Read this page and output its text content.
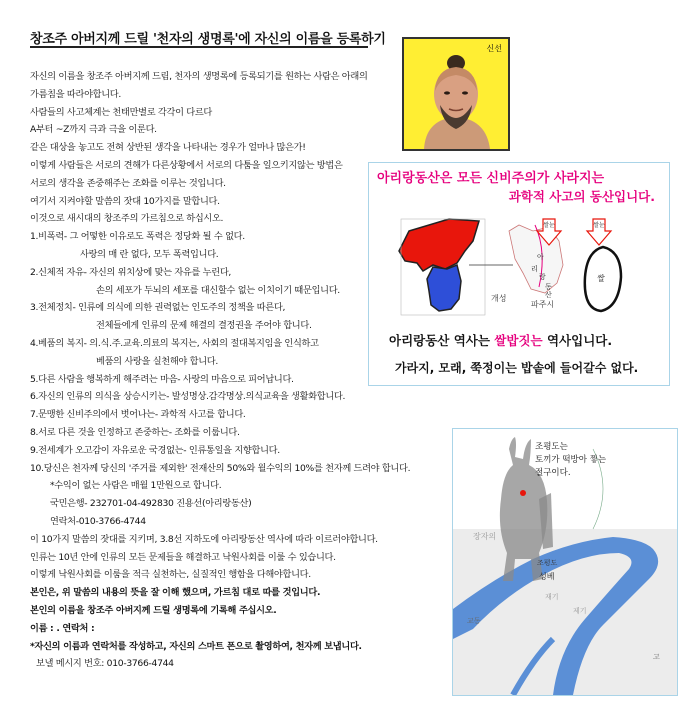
창조주 아버지께 드릴 '천자의 생명록'에 자신의 이름을 등록하기
자신의 이름을 창조주 아버지께 드림, 천자의 생명록에 등록되기를 원하는 사람은 아래의
가름침을 따라야합니다.
사람들의 사고체계는 천태만별로 각각이 다르다
A부터 ~Z까지 극과 극을 이룬다.
같은 대상을 놓고도 전혀 상반된 생각을 나타내는 경우가 얼마나 많은가!
이렇게 사람들은 서로의 견해가 다른상황에서 서로의 다툼을 일으키지않는 방법은
서로의 생각을 존중해주는 조화를 이루는 것입니다.
여기서 지켜야할 말씀의 잣대 10가지를 말합니다.
이것으로 새시대의 창조주의 가르침으로 하십시오.
1.비폭력- 그 어떻한 이유로도 폭력은 정당화 될 수 없다.
사랑의 매 란 없다, 모두 폭력입니다.
2.신체적 자유- 자신의 위치상에 맞는 자유를 누린다,
손의 세포가 두뇌의 세포를 대신할수 없는 이치이기 때문입니다.
3.전체정치- 인류에 의식에 의한 권력없는 인도주의 정책을 따른다,
전체들에게 인류의 문제 해결의 결정권을 주어야 합니다.
4.베품의 복지- 의.식.주.교육.의료의 복지는, 사회의 절대복지임을 인식하고
베품의 사랑을 실천해야 합니다.
5.다른 사람을 행복하게 해주려는 마음- 사랑의 마음으로 피어납니다.
6.자신의 인류의 의식을 상승시키는- 발성명상.감각명상.의식교육을 생활화합니다.
7.문맹한 신비주의에서 벗어나는- 과학적 사고를 합니다.
8.서로 다른 것을 인정하고 존중하는- 조화를 이룹니다.
9.전세계가 오고감이 자유로운 국경없는- 인류통일을 지향합니다.
10.당신은 천자께 당신의 '주거를 제외한' 전재산의 50%와 월수익의 10%를 천자께 드려야 합니다.
*수익이 없는 사람은 매월 1만원으로 합니다.
국민은행- 232701-04-492830 진용선(아리랑동산)
연락처-010-3766-4744
이 10가지 말씀의 잣대를 지키며, 3.8선 지하도에 아리랑동산 역사에 따라 이르러야합니다.
인류는 10년 안에 인류의 모든 문제들을 해결하고 낙원사회를 이룰 수 있습니다.
이렇게 낙원사회를 이룸을 적극 실천하는, 실질적인 행함을 다해야합니다.
본인은, 위 말씀의 내용의 뜻을 잘 이해 했으며, 가르침 대로 따를 것입니다.
본인의 이름을 창조주 아버지께 드릴 생명록에 기록해 주십시오.
이름 : . 연락처 :
*자신의 이름과 연락처를 작성하고, 자신의 스마트 폰으로 촬영하여, 천자께 보냅니다.
보낼 메시지 번호: 010-3766-4744
신선
아리랑동산은 모든 신비주의가 사라지는
과학적 사고의 동산입니다.
쌀눈
아
리
랑
동
산
개성
파주시
쌀눈
쌀
아리랑동산 역사는 쌀밥짓는 역사입니다.
가라지, 모래, 쭉정이는 밥솥에 들어갈수 없다.
장자의
조평도
성베
재기
교동
고
제기
조평도는
토끼가 떡방아 찧는
절구이다.
